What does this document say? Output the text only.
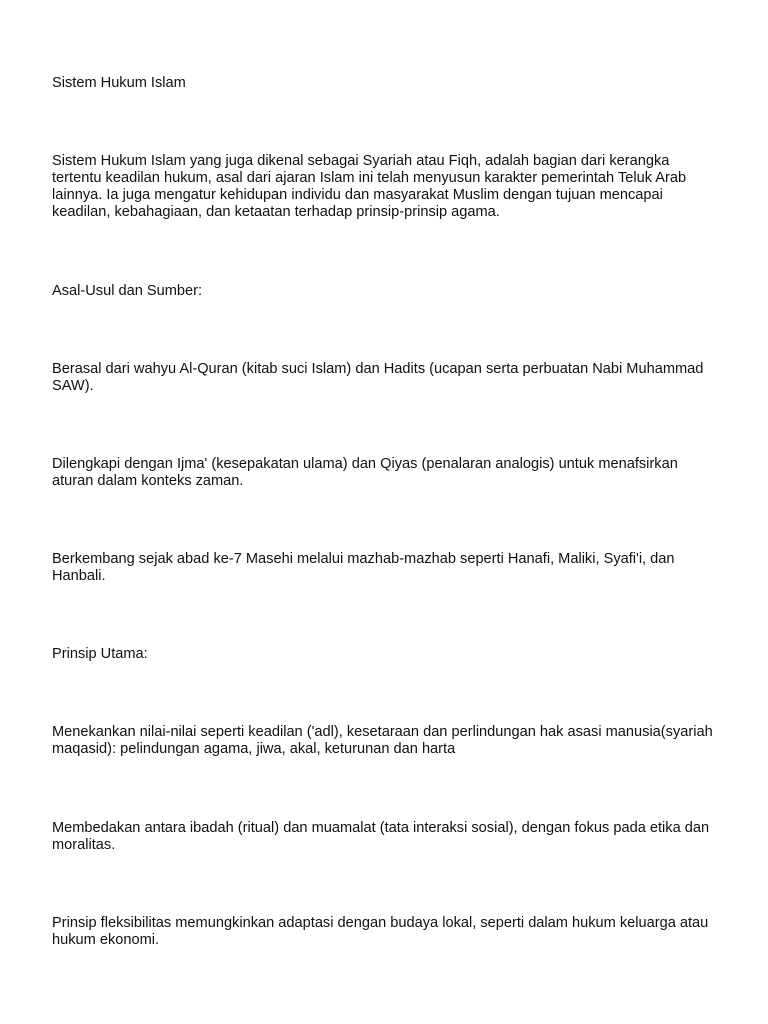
Sistem Hukum Islam

Sistem Hukum Islam yang juga dikenal sebagai Syariah atau Fiqh, adalah bagian dari kerangka tertentu keadilan hukum, asal dari ajaran Islam ini telah menyusun karakter pemerintah Teluk Arab lainnya. Ia juga mengatur kehidupan individu dan masyarakat Muslim dengan tujuan mencapai keadilan, kebahagiaan, dan ketaatan terhadap prinsip-prinsip agama.

Asal-Usul dan Sumber:

Berasal dari wahyu Al-Quran (kitab suci Islam) dan Hadits (ucapan serta perbuatan Nabi Muhammad SAW).

Dilengkapi dengan Ijma' (kesepakatan ulama) dan Qiyas (penalaran analogis) untuk menafsirkan aturan dalam konteks zaman.

Berkembang sejak abad ke-7 Masehi melalui mazhab-mazhab seperti Hanafi, Maliki, Syafi'i, dan Hanbali.

Prinsip Utama:

Menekankan nilai-nilai seperti keadilan ('adl), kesetaraan dan perlindungan hak asasi manusia(syariah maqasid): pelindungan agama, jiwa, akal, keturunan dan harta

Membedakan antara ibadah (ritual) dan muamalat (tata interaksi sosial), dengan fokus pada etika dan moralitas.

Prinsip fleksibilitas memungkinkan adaptasi dengan budaya lokal, seperti dalam hukum keluarga atau hukum ekonomi.
